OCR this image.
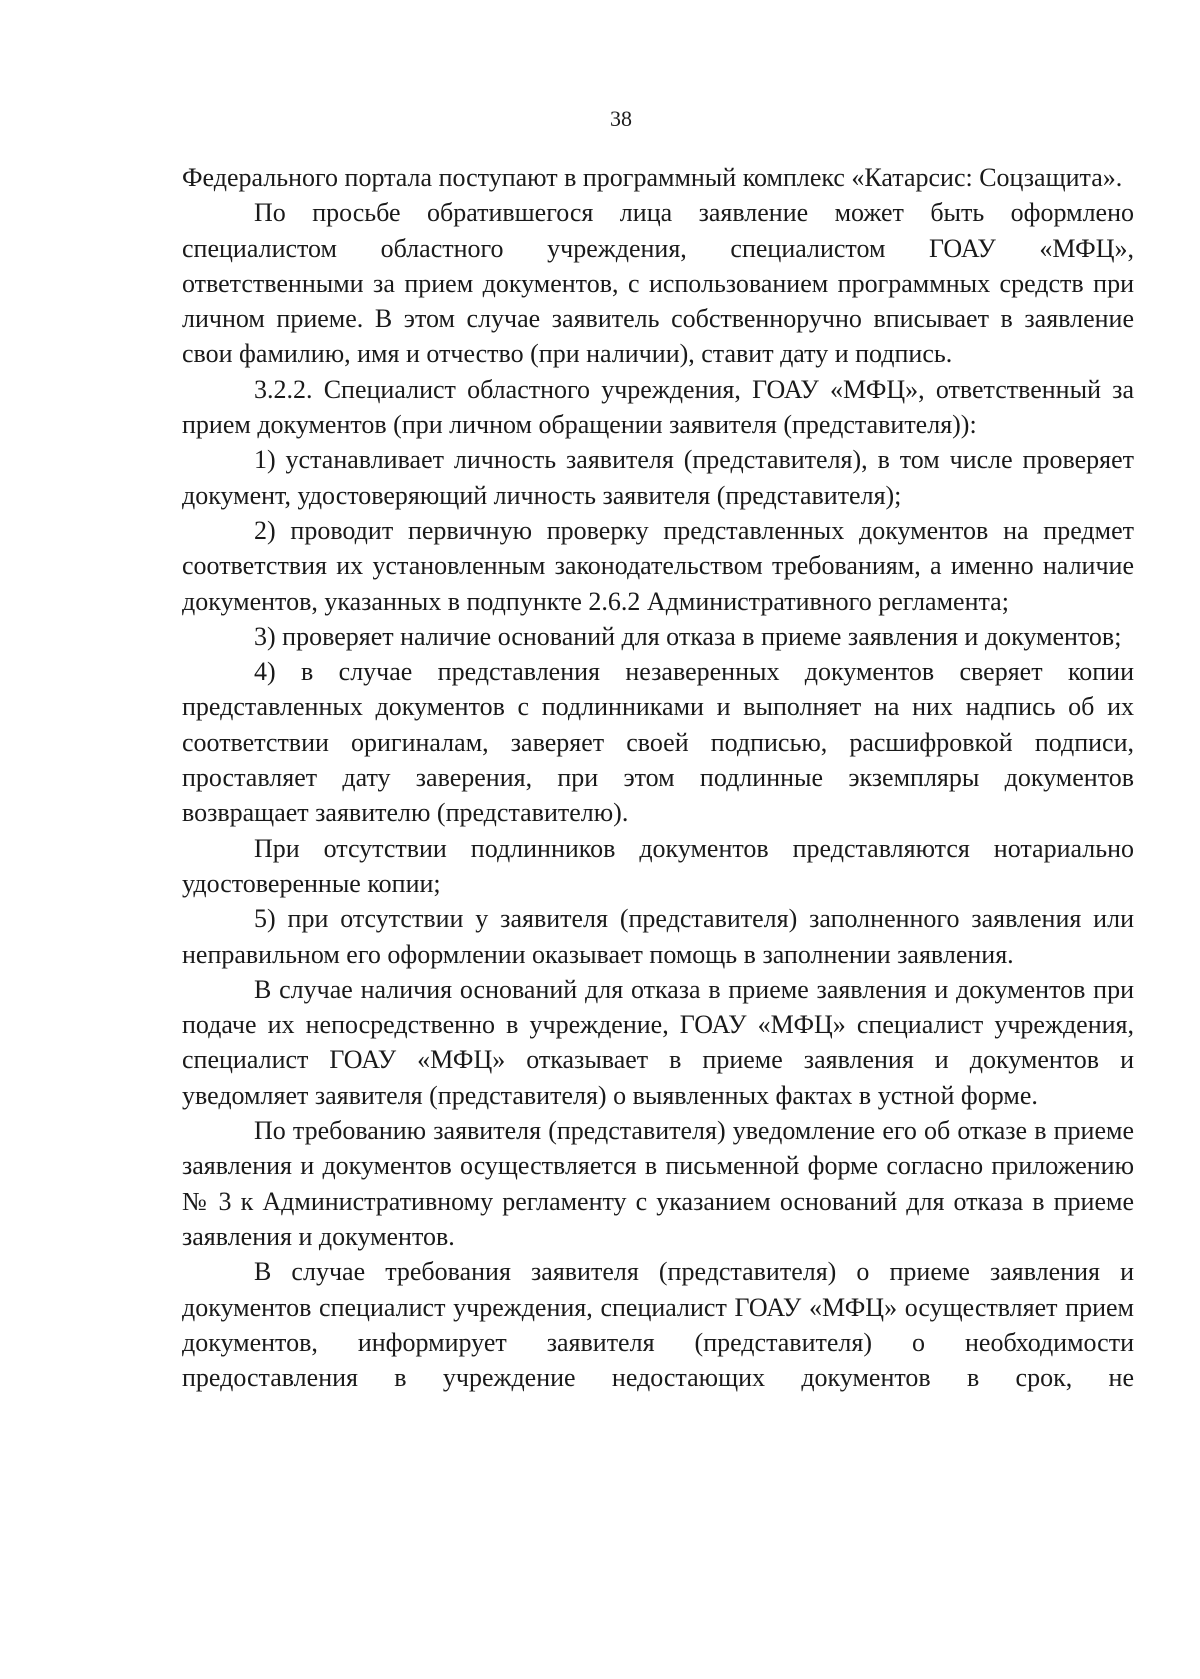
38

Федерального портала поступают в программный комплекс «Катарсис: Соцзащита».

По просьбе обратившегося лица заявление может быть оформлено специалистом областного учреждения, специалистом ГОАУ «МФЦ», ответственными за прием документов, с использованием программных средств при личном приеме. В этом случае заявитель собственноручно вписывает в заявление свои фамилию, имя и отчество (при наличии), ставит дату и подпись.

3.2.2. Специалист областного учреждения, ГОАУ «МФЦ», ответственный за прием документов (при личном обращении заявителя (представителя)):

1) устанавливает личность заявителя (представителя), в том числе проверяет документ, удостоверяющий личность заявителя (представителя);

2) проводит первичную проверку представленных документов на предмет соответствия их установленным законодательством требованиям, а именно наличие документов, указанных в подпункте 2.6.2 Административного регламента;

3) проверяет наличие оснований для отказа в приеме заявления и документов;

4) в случае представления незаверенных документов сверяет копии представленных документов с подлинниками и выполняет на них надпись об их соответствии оригиналам, заверяет своей подписью, расшифровкой подписи, проставляет дату заверения, при этом подлинные экземпляры документов возвращает заявителю (представителю).

При отсутствии подлинников документов представляются нотариально удостоверенные копии;

5) при отсутствии у заявителя (представителя) заполненного заявления или неправильном его оформлении оказывает помощь в заполнении заявления.

В случае наличия оснований для отказа в приеме заявления и документов при подаче их непосредственно в учреждение, ГОАУ «МФЦ» специалист учреждения, специалист ГОАУ «МФЦ» отказывает в приеме заявления и документов и уведомляет заявителя (представителя) о выявленных фактах в устной форме.

По требованию заявителя (представителя) уведомление его об отказе в приеме заявления и документов осуществляется в письменной форме согласно приложению № 3 к Административному регламенту с указанием оснований для отказа в приеме заявления и документов.

В случае требования заявителя (представителя) о приеме заявления и документов специалист учреждения, специалист ГОАУ «МФЦ» осуществляет прием документов, информирует заявителя (представителя) о необходимости предоставления в учреждение недостающих документов в срок, не
